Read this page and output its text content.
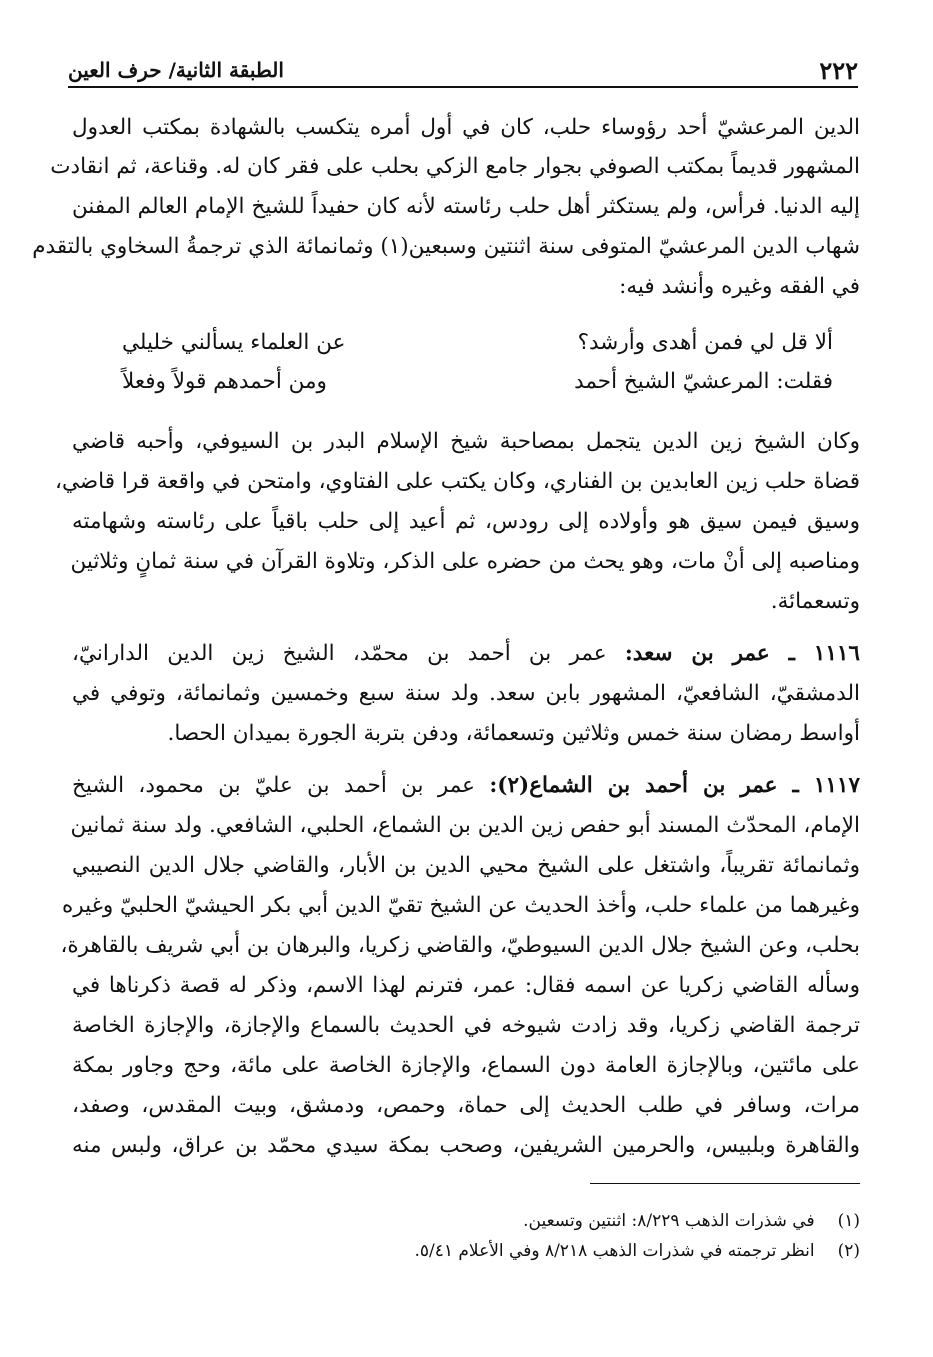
٢٢٢
الطبقة الثانية/ حرف العين
الدين المرعشيّ أحد رؤوساء حلب، كان في أول أمره يتكسب بالشهادة بمكتب العدول
المشهور قديماً بمكتب الصوفي بجوار جامع الزكي بحلب على فقر كان له. وقناعة، ثم انقادت
إليه الدنيا. فرأس، ولم يستكثر أهل حلب رئاسته لأنه كان حفيداً للشيخ الإمام العالم المفنن
شهاب الدين المرعشيّ المتوفى سنة اثنتين وسبعين(١) وثمانمائة الذي ترجمةُ السخاوي بالتقدم
في الفقه وغيره وأنشد فيه:
ألا قل لي فمن أهدى وأرشد؟
عن العلماء يسألني خليلي
فقلت: المرعشيّ الشيخ أحمد
ومن أحمدهم قولاً وفعلاً
وكان الشيخ زين الدين يتجمل بمصاحبة شيخ الإسلام البدر بن السيوفي، وأحبه قاضي
قضاة حلب زين العابدين بن الفناري، وكان يكتب على الفتاوي، وامتحن في واقعة قرا قاضي،
وسيق فيمن سيق هو وأولاده إلى رودس، ثم أعيد إلى حلب باقياً على رئاسته وشهامته
ومناصبه إلى أنْ مات، وهو يحث من حضره على الذكر، وتلاوة القرآن في سنة ثمانٍ وثلاثين
وتسعمائة.
١١١٦ ـ عمر بن سعد: عمر بن أحمد بن محمّد، الشيخ زين الدين الدارانيّ،
الدمشقيّ، الشافعيّ، المشهور بابن سعد. ولد سنة سبع وخمسين وثمانمائة، وتوفي في
أواسط رمضان سنة خمس وثلاثين وتسعمائة، ودفن بتربة الجورة بميدان الحصا.
١١١٧ ـ عمر بن أحمد بن الشماع(٢): عمر بن أحمد بن عليّ بن محمود، الشيخ
الإمام، المحدّث المسند أبو حفص زين الدين بن الشماع، الحلبي، الشافعي. ولد سنة ثمانين
وثمانمائة تقريباً، واشتغل على الشيخ محيي الدين بن الأبار، والقاضي جلال الدين النصيبي
وغيرهما من علماء حلب، وأخذ الحديث عن الشيخ تقيّ الدين أبي بكر الحيشيّ الحلبيّ وغيره
بحلب، وعن الشيخ جلال الدين السيوطيّ، والقاضي زكريا، والبرهان بن أبي شريف بالقاهرة،
وسأله القاضي زكريا عن اسمه فقال: عمر، فترنم لهذا الاسم، وذكر له قصة ذكرناها في
ترجمة القاضي زكريا، وقد زادت شيوخه في الحديث بالسماع والإجازة، والإجازة الخاصة
على مائتين، وبالإجازة العامة دون السماع، والإجازة الخاصة على مائة، وحج وجاور بمكة
مرات، وسافر في طلب الحديث إلى حماة، وحمص، ودمشق، وبيت المقدس، وصفد،
والقاهرة وبلبيس، والحرمين الشريفين، وصحب بمكة سيدي محمّد بن عراق، ولبس منه
(١) في شذرات الذهب ٨/٢٢٩: اثنتين وتسعين.
(٢) انظر ترجمته في شذرات الذهب ٨/٢١٨ وفي الأعلام ٥/٤١.
